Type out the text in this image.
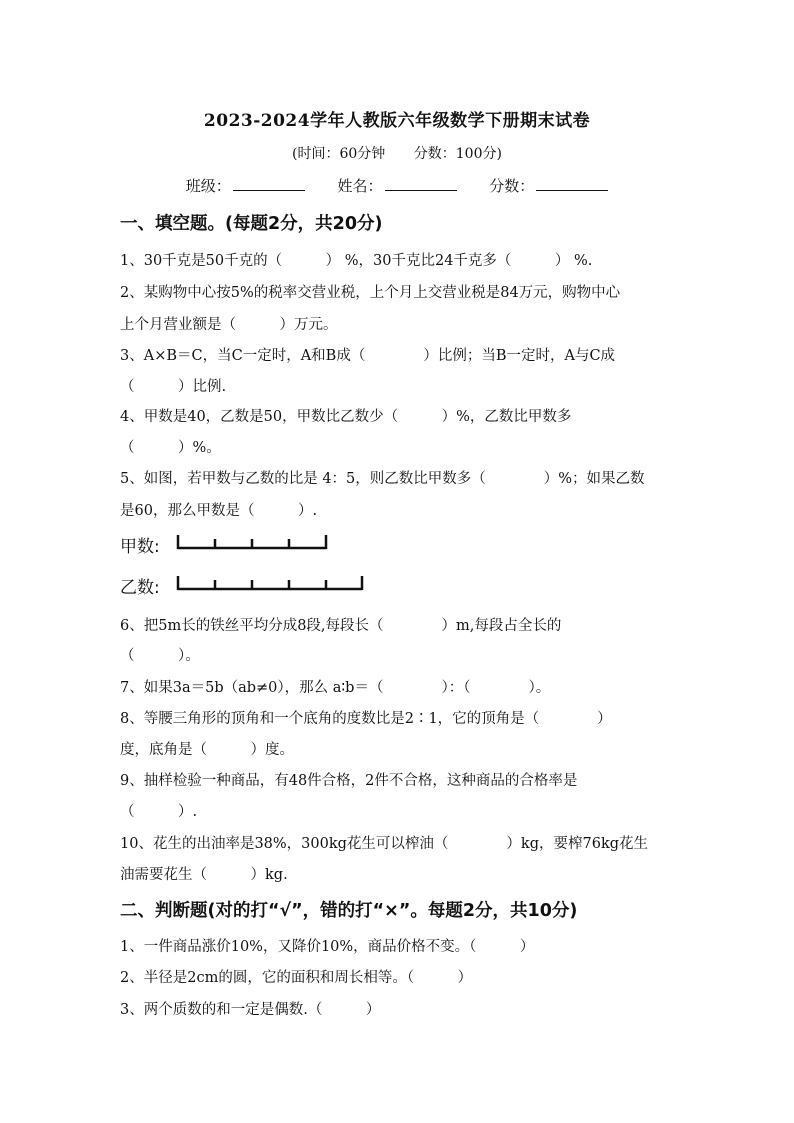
2023-2024学年人教版六年级数学下册期末试卷
(时间：60分钟 分数：100分)
班级：	姓名：	分数：
一、填空题。(每题2分，共20分)
1、30千克是50千克的（　　　） %，30千克比24千克多（　　　） %.
2、某购物中心按5%的税率交营业税，上个月上交营业税是84万元，购物中心
上个月营业额是（　　　）万元。
3、A×B＝C，当C一定时，A和B成（　　　　）比例；当B一定时，A与C成
（　　　）比例.
4、甲数是40，乙数是50，甲数比乙数少（　　　）%，乙数比甲数多
（　　　）%。
5、如图，若甲数与乙数的比是 4：5，则乙数比甲数多（　　　　）%；如果乙数
是60，那么甲数是（　　　）.
甲数:
乙数:
6、把5m长的铁丝平均分成8段,每段长（　　　　）m,每段占全长的
（　　　）。
7、如果3a＝5b（ab≠0），那么 a∶b＝（　　　　）：（　　　　）。
8、等腰三角形的顶角和一个底角的度数比是2∶1，它的顶角是（　　　　）
度，底角是（　　　）度。
9、抽样检验一种商品，有48件合格，2件不合格，这种商品的合格率是
（　　　）.
10、花生的出油率是38%，300kg花生可以榨油（　　　　）kg，要榨76kg花生
油需要花生（　　　）kg.
二、判断题(对的打“√”，错的打“×”。每题2分，共10分)
1、一件商品涨价10%，又降价10%，商品价格不变。（　　　）
2、半径是2cm的圆，它的面积和周长相等。（　　　）
3、两个质数的和一定是偶数.（　　　）
